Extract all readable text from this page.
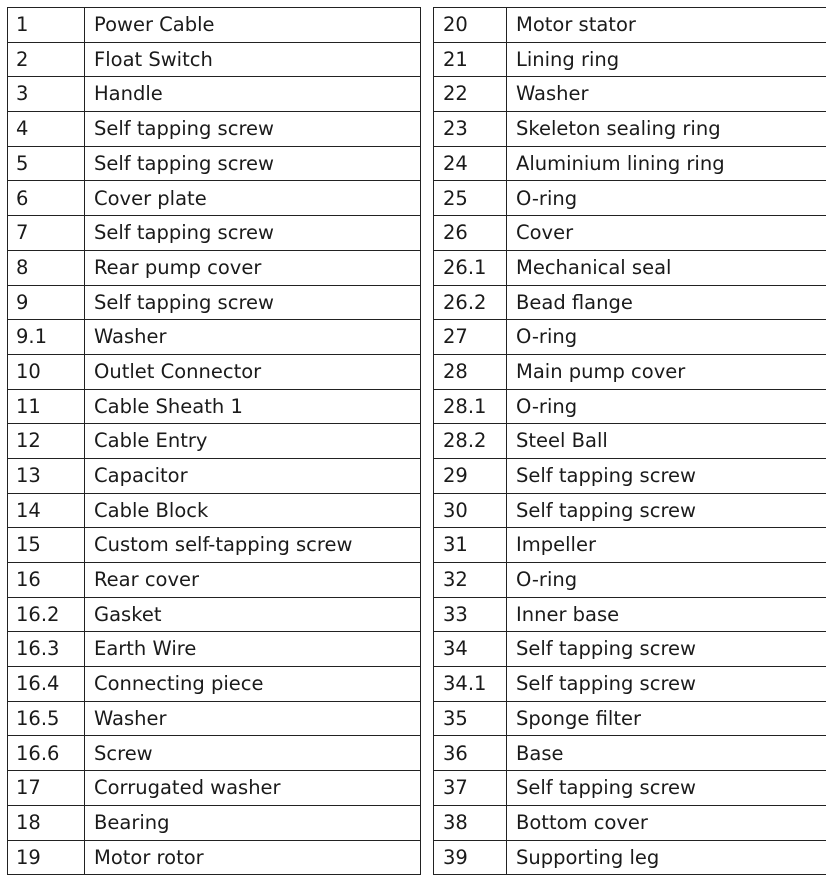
1	Power Cable
2	Float Switch
3	Handle
4	Self tapping screw
5	Self tapping screw
6	Cover plate
7	Self tapping screw
8	Rear pump cover
9	Self tapping screw
9.1	Washer
10	Outlet Connector
11	Cable Sheath 1
12	Cable Entry
13	Capacitor
14	Cable Block
15	Custom self-tapping screw
16	Rear cover
16.2	Gasket
16.3	Earth Wire
16.4	Connecting piece
16.5	Washer
16.6	Screw
17	Corrugated washer
18	Bearing
19	Motor rotor
20	Motor stator
21	Lining ring
22	Washer
23	Skeleton sealing ring
24	Aluminium lining ring
25	O-ring
26	Cover
26.1	Mechanical seal
26.2	Bead flange
27	O-ring
28	Main pump cover
28.1	O-ring
28.2	Steel Ball
29	Self tapping screw
30	Self tapping screw
31	Impeller
32	O-ring
33	Inner base
34	Self tapping screw
34.1	Self tapping screw
35	Sponge filter
36	Base
37	Self tapping screw
38	Bottom cover
39	Supporting leg
